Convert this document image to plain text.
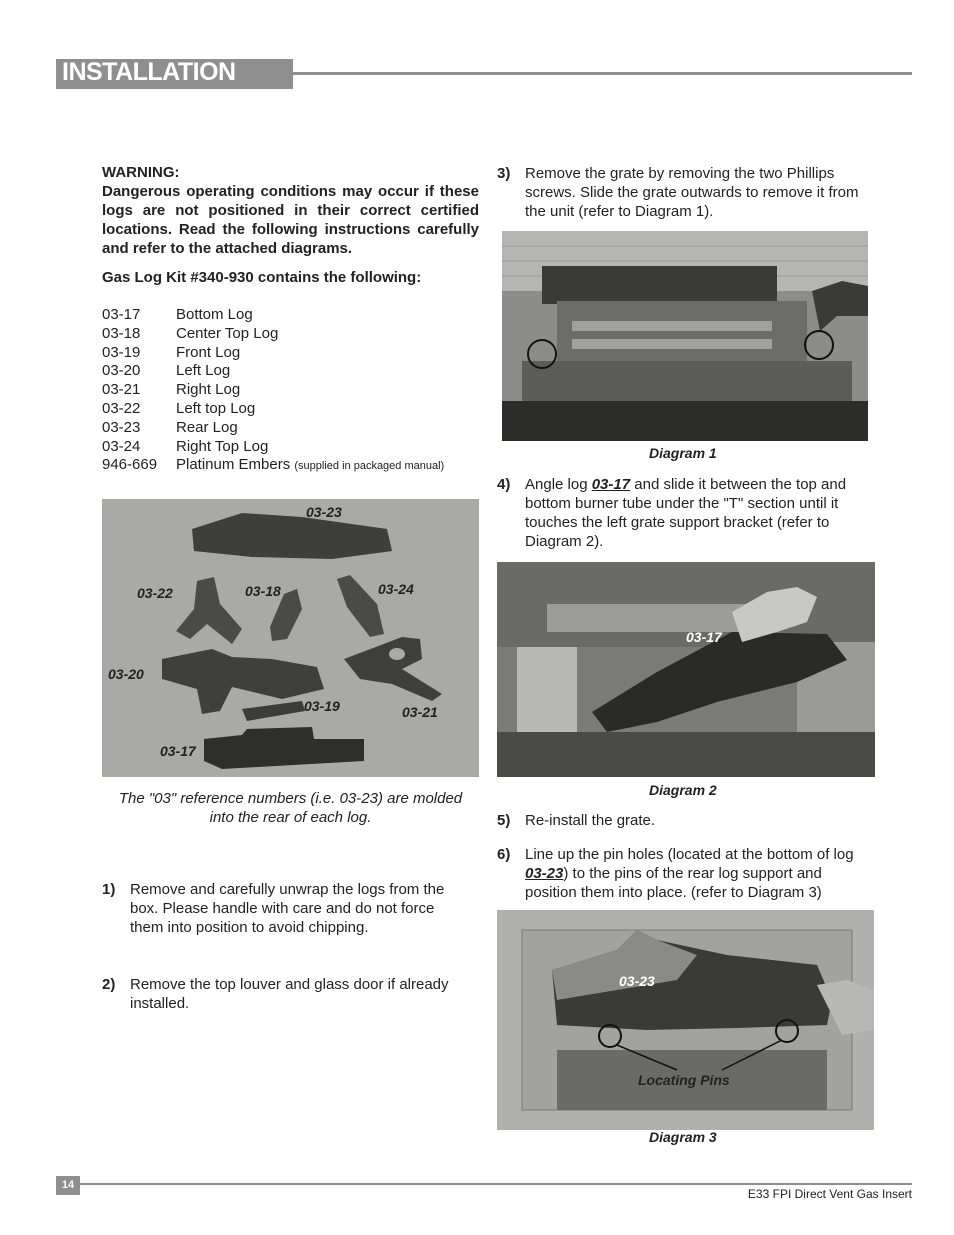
INSTALLATION
WARNING:
Dangerous operating conditions may occur if these logs are not positioned in their correct certified locations. Read the following instructions carefully and refer to the attached diagrams.
Gas Log Kit #340-930 contains the following:
03-17	Bottom Log
03-18	Center Top Log
03-19	Front Log
03-20	Left Log
03-21	Right Log
03-22	Left top Log
03-23	Rear Log
03-24	Right Top Log
946-669	Platinum Embers (supplied in packaged manual)
03-23
03-22	03-18	03-24
03-20
03-19	03-21
03-17
The "03" reference numbers (i.e. 03-23) are molded
into the rear of each log.
1) Remove and carefully unwrap the logs from the box. Please handle with care and do not force them into position to avoid chipping.
2) Remove the top louver and glass door if already installed.
3) Remove the grate by removing the two Phillips screws. Slide the grate outwards to remove it from the unit (refer to Diagram 1).
Diagram 1
4) Angle log 03-17 and slide it between the top and bottom burner tube under the "T" section until it touches the left grate support bracket (refer to Diagram 2).
03-17
Diagram 2
5) Re-install the grate.
6) Line up the pin holes (located at the bottom of log 03-23) to the pins of the rear log support and position them into place. (refer to Diagram 3)
03-23
Locating Pins
Diagram 3
14
E33 FPI Direct Vent Gas Insert
